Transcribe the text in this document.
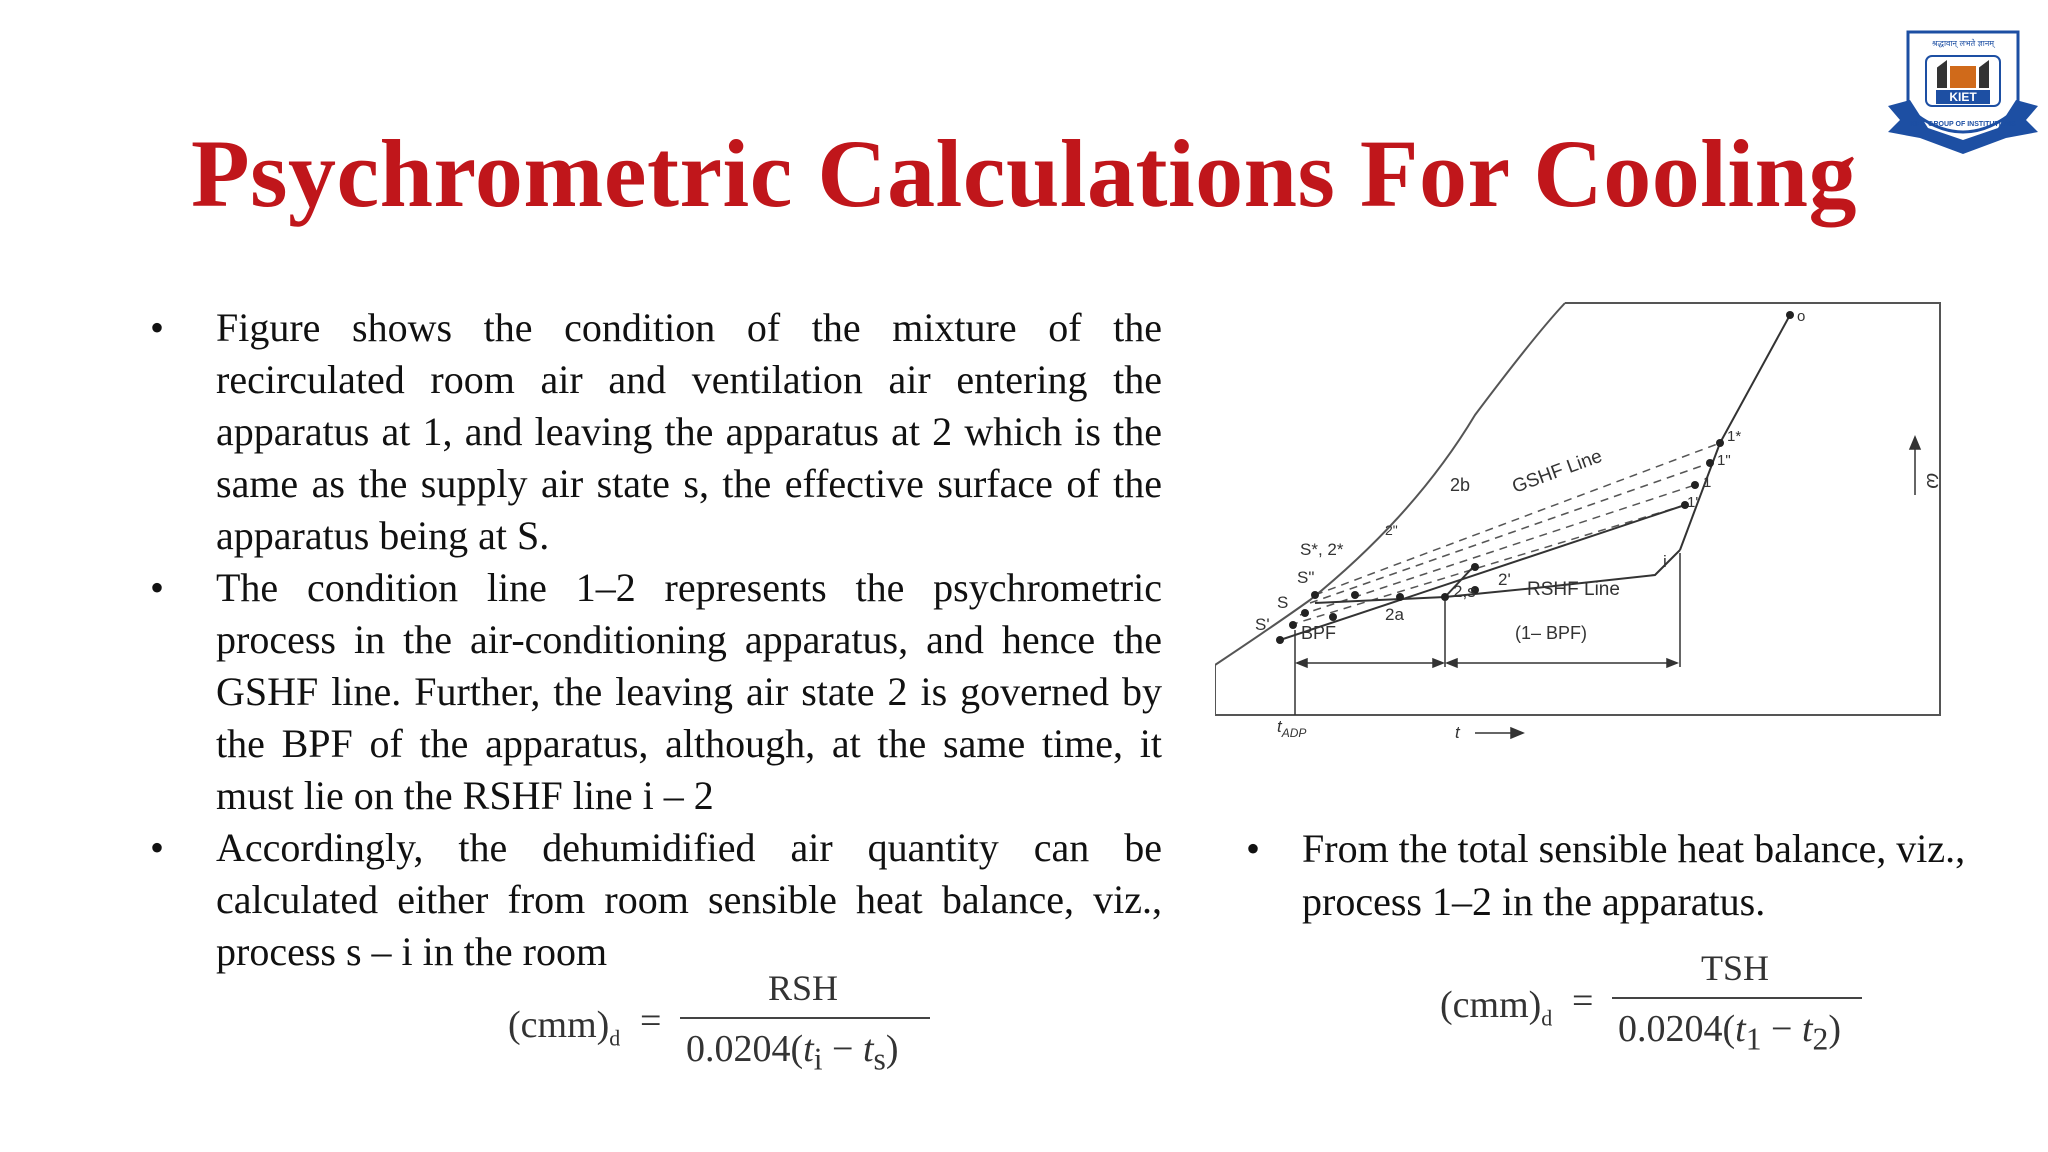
Psychrometric Calculations For Cooling
KIET
श्रद्धावान् लभते ज्ञानम्
KIET GROUP OF INSTITUTIONS
• Figure shows the condition of the mixture of the recirculated room air and ventilation air entering the apparatus at 1, and leaving the apparatus at 2 which is the same as the supply air state s, the effective surface of the apparatus being at S.
• The condition line 1–2 represents the psychrometric process in the air-conditioning apparatus, and hence the GSHF line. Further, the leaving air state 2 is governed by the BPF of the apparatus, although, at the same time, it must lie on the RSHF line i – 2
• Accordingly, the dehumidified air quantity can be calculated either from room sensible heat balance, viz., process s – i in the room
• From the total sensible heat balance, viz., process 1–2 in the apparatus.
$(cmm)_d$ =
RSH
$0.0204(t_i - t_s)$
$(cmm)_d$ =
TSH
$0.0204(t_1 - t_2)$
o
1*
1"
1
1'
GSHF Line
2b
2"
S*, 2*
S"
S
S'
2a
2,s
2' RSHF Line
i
BPF	(1– BPF)
$t_{ADP}$	t
ω
